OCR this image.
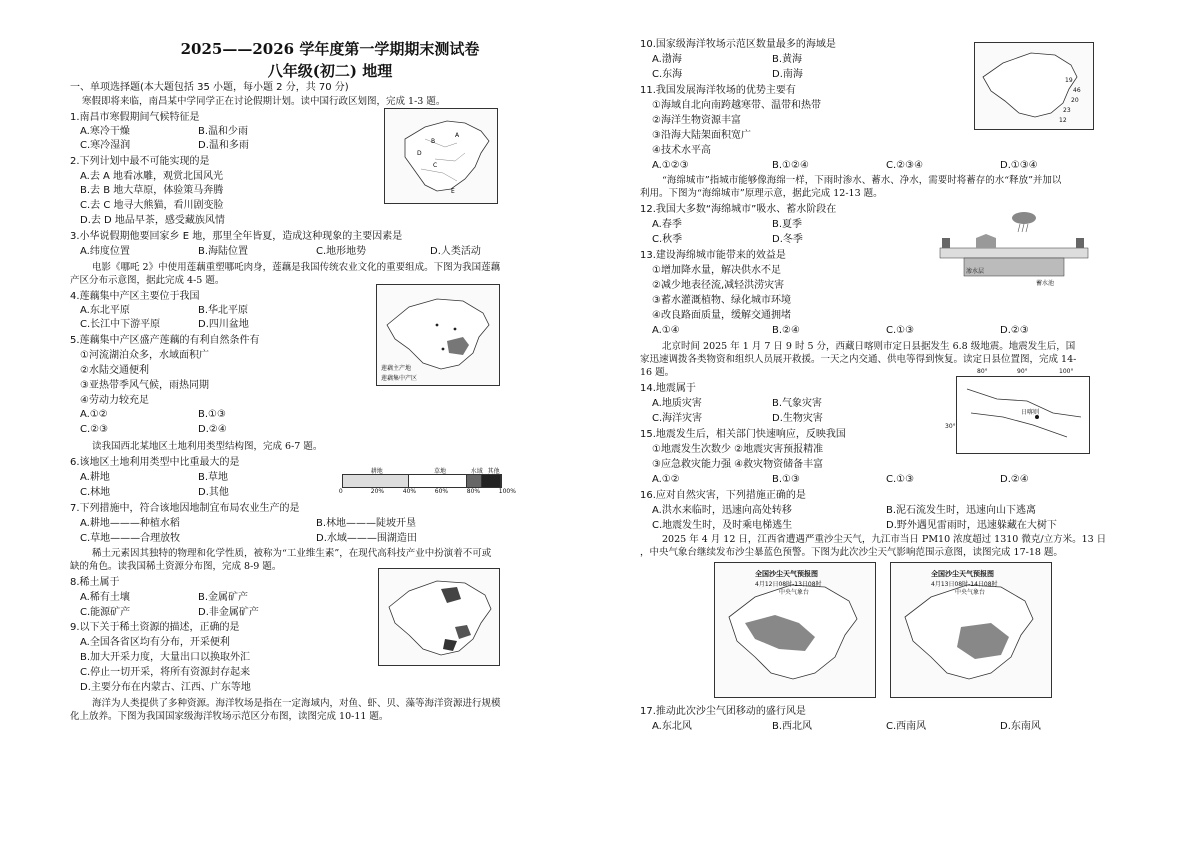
2025——2026 学年度第一学期期末测试卷
八年级(初二) 地理
一、单项选择题(本大题包括 35 小题，每小题 2 分，共 70 分)
寒假即将来临，南昌某中学同学正在讨论假期计划。读中国行政区划图，完成 1-3 题。
1.南昌市寒假期间气候特征是
A.寒冷干燥	B.温和少雨
C.寒冷湿润	D.温和多雨
2.下列计划中最不可能实现的是
A.去 A 地看冰雕，观赏北国风光
B.去 B 地大草原，体验策马奔腾
C.去 C 地寻大熊猫，看川剧变脸
D.去 D 地品早茶，感受藏族风情
3.小华说假期他要回家乡 E 地，那里全年皆夏，造成这种现象的主要因素是
A.纬度位置	B.海陆位置	C.地形地势	D.人类活动
电影《哪吒 2》中使用莲藕重塑哪吒肉身，莲藕是我国传统农业文化的重要组成。下图为我国莲藕
产区分布示意图，据此完成 4-5 题。
4.莲藕集中产区主要位于我国
A.东北平原	B.华北平原
C.长江中下游平原	D.四川盆地
5.莲藕集中产区盛产莲藕的有利自然条件有
①河流湖泊众多，水域面积广
②水陆交通便利
③亚热带季风气候，雨热同期
④劳动力较充足
A.①②	B.①③
C.②③	D.②④
读我国西北某地区土地利用类型结构图，完成 6-7 题。
6.该地区土地利用类型中比重最大的是
A.耕地	B.草地
C.林地	D.其他
7.下列措施中，符合该地因地制宜布局农业生产的是
A.耕地———种植水稻	B.林地———陡坡开垦
C.草地———合理放牧	D.水域———围湖造田
稀土元素因其独特的物理和化学性质，被称为“工业维生素”，在现代高科技产业中扮演着不可或
缺的角色。读我国稀土资源分布图，完成 8-9 题。
8.稀土属于
A.稀有土壤	B.金属矿产
C.能源矿产	D.非金属矿产
9.以下关于稀土资源的描述，正确的是
A.全国各省区均有分布，开采便利
B.加大开采力度，大量出口以换取外汇
C.停止一切开采，将所有资源封存起来
D.主要分布在内蒙古、江西、广东等地
海洋为人类提供了多种资源。海洋牧场是指在一定海域内，对鱼、虾、贝、藻等海洋资源进行规模
化上放养。下图为我国国家级海洋牧场示范区分布图，读图完成 10-11 题。
10.国家级海洋牧场示范区数量最多的海域是
A.渤海	B.黄海
C.东海	D.南海
11.我国发展海洋牧场的优势主要有
①海域自北向南跨越寒带、温带和热带
②海洋生物资源丰富
③沿海大陆架面积宽广
④技术水平高
A.①②③	B.①②④	C.②③④	D.①③④
“海绵城市”指城市能够像海绵一样，下雨时渗水、蓄水、净水，需要时将蓄存的水“释放”并加以
利用。下图为“海绵城市”原理示意，据此完成 12-13 题。
12.我国大多数“海绵城市”吸水、蓄水阶段在
A.春季	B.夏季
C.秋季	D.冬季
13.建设海绵城市能带来的效益是
①增加降水量，解决供水不足
②减少地表径流,减轻洪涝灾害
③蓄水灌溉植物、绿化城市环境
④改良路面质量，缓解交通拥堵
A.①④	B.②④	C.①③	D.②③
北京时间 2025 年 1 月 7 日 9 时 5 分，西藏日喀则市定日县据发生 6.8 级地震。地震发生后，国
家迅速调拨各类物资和组织人员展开救援。一天之内交通、供电等得到恢复。读定日县位置图，完成 14-
16 题。
14.地震属于
A.地质灾害	B.气象灾害
C.海洋灾害	D.生物灾害
15.地震发生后，相关部门快速响应，反映我国
①地震发生次数少 ②地震灾害预报精准
③应急救灾能力强 ④救灾物资储备丰富
A.①②	B.①③	C.①③	D.②④
16.应对自然灾害，下列措施正确的是
A.洪水来临时，迅速向高处转移	B.泥石流发生时，迅速向山下逃离
C.地震发生时，及时乘电梯逃生	D.野外遇见雷雨时，迅速躲藏在大树下
2025 年 4 月 12 日，江西省遭遇严重沙尘天气，九江市当日 PM10 浓度超过 1310 微克/立方米。13 日
，中央气象台继续发布沙尘暴蓝色预警。下图为此次沙尘天气影响范围示意图，读图完成 17-18 题。
17.推动此次沙尘气团移动的盛行风是
A.东北风	B.西北风	C.西南风	D.东南风
A
B
C
D
E
莲藕主产地
莲藕集中产区
耕地	草地	水域 其他
0	20%	40%	60%	80%	100%
19
46
20
23
12
渗水层
蓄水池
80°	90°	100°
30°
日喀则
全国沙尘天气预报图
4月12日08时-13日08时
中央气象台
全国沙尘天气预报图
4月13日08时-14日08时
中央气象台
